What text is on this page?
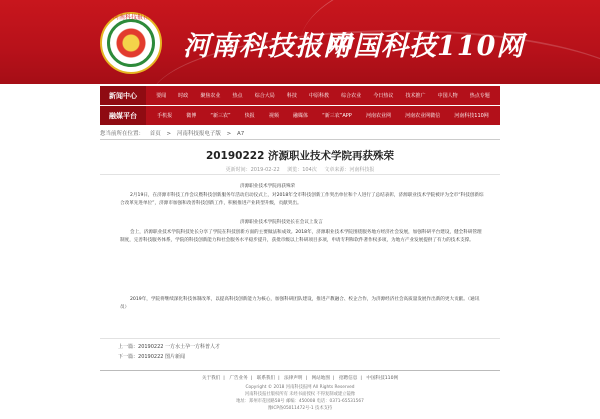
河南科技报社
河南科技报网
中国科技110网
新闻中心	要闻 时政 聚焦农业 热点 综合大局 科技 中原科教 综合农业 今日热议 技术推广 中国人物 热点专题
融媒平台	手机报	微博	“新三农”	快报	视频	融媒体	“新三农”APP	河南农业网	河南农业网微信	河南科技110网
您当前所在位置： 首页 > 河南科技报电子版 > A7
20190222 济源职业技术学院再获殊荣
更新时间：2019-02-22 浏览：104次 文章来源：河南科技报
济源职业技术学院再获殊荣
2月19日，在济源市科技工作会议暨科技创新服务年活动启动仪式上，对2018年全市科技创新工作突出单位和个人进行了总结表彰，济源职业技术学院被评为全市“科技创新综合改革先进单位”，济源市加强和改善科技创新工作，积极推进产业转型升级，贡献突出。
济源职业技术学院科技处长在会议上发言
会上，济源职业技术学院科技处长分享了学院在科技创新方面的主要做法和成效。2018年，济源职业技术学院围绕服务地方经济社会发展，加强科研平台建设，健全科研管理制度，完善科技服务体系，学院的科技创新能力和社会服务水平稳步提升，获批市级以上科研项目多项，申请专利和软件著作权多项，为地方产业发展提供了有力的技术支撑。
2019年，学院将继续深化科技体制改革，以提高科技创新能力为核心，加强科研团队建设，推进产教融合、校企合作，为济源经济社会高质量发展作出新的更大贡献。（通讯员）
上一篇：20190222 一方水土孕一方科普人才
下一篇：20190222 图片新闻
关于我们 | 广告业务 | 联系我们 | 法律声明 | 网站地图 | 招聘信息 | 中国科技110网
Copyright © 2018 河南科技报网 All Rights Reserved
河南科技报社版权所有 未经书面授权 不得复制或建立镜像
地址：郑州市花园路58号 邮编：450008 电话：0371-65531567
豫ICP备05011472号-1 技术支持
